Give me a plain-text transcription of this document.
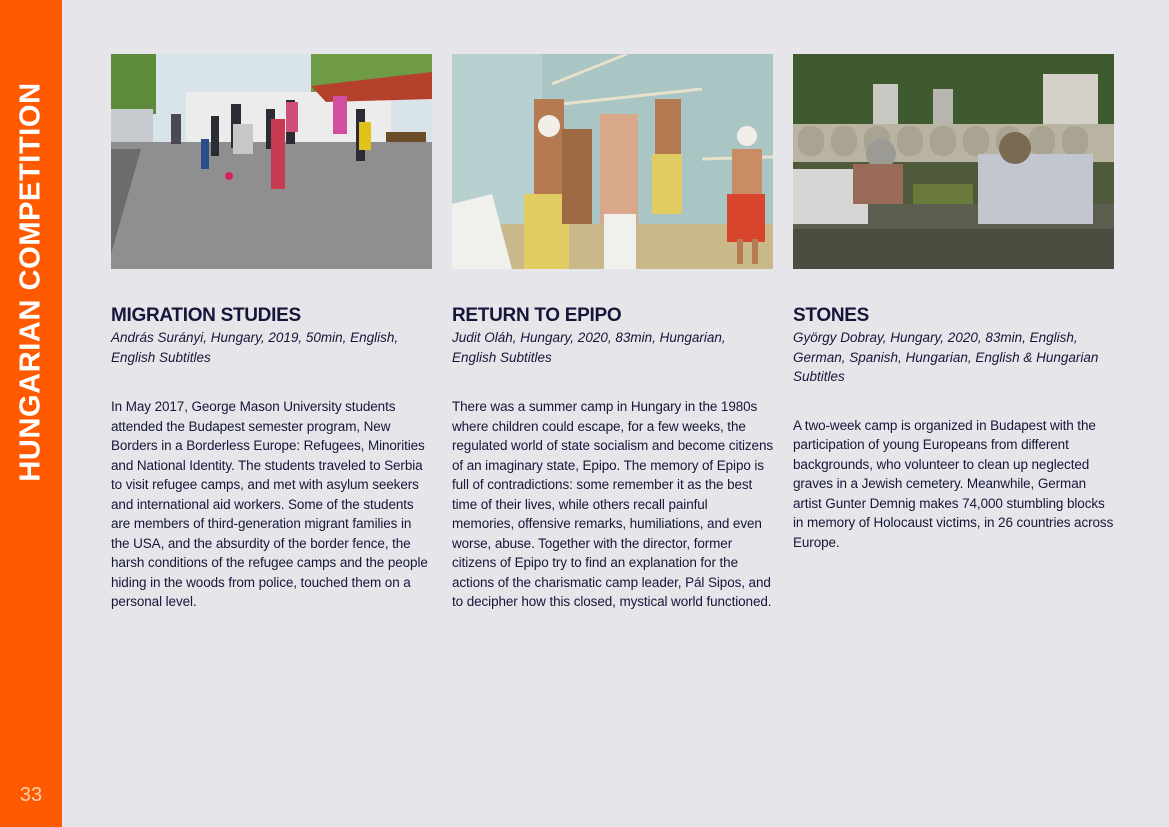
HUNGARIAN COMPETITION
33
MIGRATION STUDIES

András Surányi, Hungary, 2019, 50min, English, English Subtitles

In May 2017, George Mason University students attended the Budapest semester program, New Borders in a Borderless Europe: Refugees, Minorities and National Identity. The students traveled to Serbia to visit refugee camps, and met with asylum seekers and international aid workers. Some of the students are members of third-generation migrant families in the USA, and the absurdity of the border fence, the harsh conditions of the refugee camps and the people hiding in the woods from police, touched them on a personal level.

RETURN TO EPIPO

Judit Oláh, Hungary, 2020, 83min, Hungarian, English Subtitles

There was a summer camp in Hungary in the 1980s where children could escape, for a few weeks, the regulated world of state socialism and become citizens of an imaginary state, Epipo. The memory of Epipo is full of contradictions: some remember it as the best time of their lives, while others recall painful memories, offensive remarks, humiliations, and even worse, abuse. Together with the director, former citizens of Epipo try to find an explanation for the actions of the charismatic camp leader, Pál Sipos, and to decipher how this closed, mystical world functioned.

STONES

György Dobray, Hungary, 2020, 83min, English, German, Spanish, Hungarian, English & Hungarian Subtitles

A two-week camp is organized in Budapest with the participation of young Europeans from different backgrounds, who volunteer to clean up neglected graves in a Jewish cemetery. Meanwhile, German artist Gunter Demnig makes 74,000 stumbling blocks in memory of Holocaust victims, in 26 countries across Europe.
